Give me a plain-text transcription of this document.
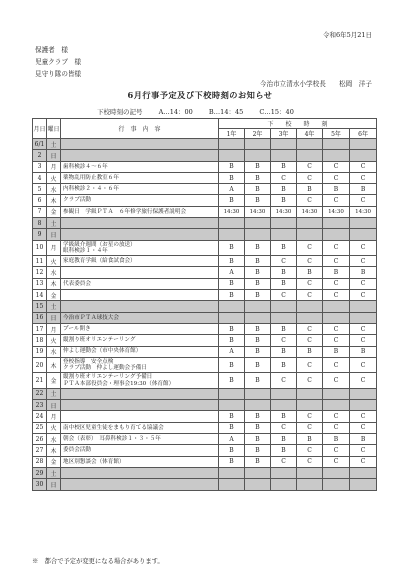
令和6年5月21日
保護者　様
児童クラブ　様
見守り隊の皆様
今治市立清水小学校長　　松岡　洋子
6月行事予定及び下校時刻のお知らせ
下校時刻の記号 A…14：00 B…14：45 C…15：40
月日	曜日	行　事　内　容	下　　校　　時　　刻					
			1年	2年	3年	4年	5年	6年
6/1	土							
2	日							
3	月	歯科検診４～６年	B	B	B	C	C	C
4	火	薬物乱用防止教室６年	B	B	C	C	C	C
5	水	内科検診２・４・６年	A	B	B	B	B	B
6	木	クラブ活動	B	B	B	C	C	C
7	金	参観日　学級ＰＴＡ　６年修学旅行保護者説明会	14:30	14:30	14:30	14:30	14:30	14:30
8	土							
9	日							
10	月	学級級介週間（お星の放送）
眼科検診１・４年	B	B	B	C	C	C
11	火	家庭教育学級（給食試食会）	B	B	C	C	C	C
12	水		A	B	B	B	B	B
13	木	代表委員会	B	B	B	C	C	C
14	金		B	B	C	C	C	C
15	土							
16	日	今治市ＰＴＡ球技大会						
17	月	プール開き	B	B	B	C	C	C
18	火	縦割り班オリエンテーリング	B	B	C	C	C	C
19	水	仲よし運動会（市中央体育館）	A	B	B	B	B	B
20	木	登校指導　安全点検
クラブ活動　仲よし運動会予備日	B	B	B	C	C	C
21	金	縦割り班オリエンテーリング予備日
ＰＴＡ本部役員会・理事会19:30（体育館）	B	B	C	C	C	C
22	土							
23	日							
24	月		B	B	B	C	C	C
25	火	南中校区児童生徒をまもり育てる協議会	B	B	C	C	C	C
26	水	朝会（表彰）　耳鼻科検診１・３・５年	A	B	B	B	B	B
27	木	委員会活動	B	B	B	C	C	C
28	金	地区別懇談会（体育館）	B	B	C	C	C	C
29	土							
30	日							
※　都合で予定が変更になる場合があります。
